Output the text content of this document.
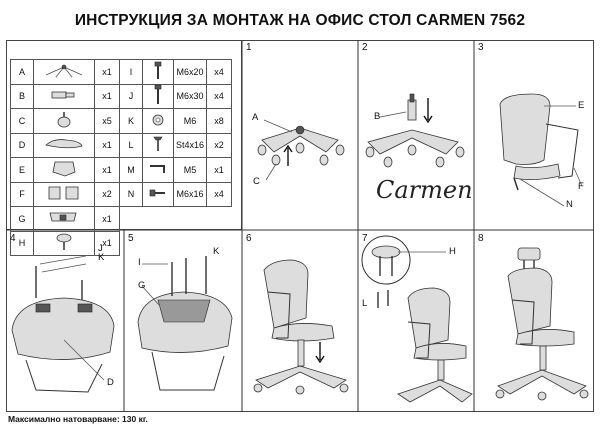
ИНСТРУКЦИЯ ЗА МОНТАЖ НА ОФИС СТОЛ CARMEN 7562
A		x1	I		M6x20	x4
B		x1	J		M6x30	x4
C		x5	K		M6	x8
D		x1	L		St4x16	x2
E		x1	M		M5	x1
F		x2	N		M6x16	x4
G		x1				
H		x1				
1	2	3
4	5	6	7	8
A
C
B
Carmen
E
F
N
J
K
D
I
K
G
H
L
Максимално натоварване: 130 кг.
